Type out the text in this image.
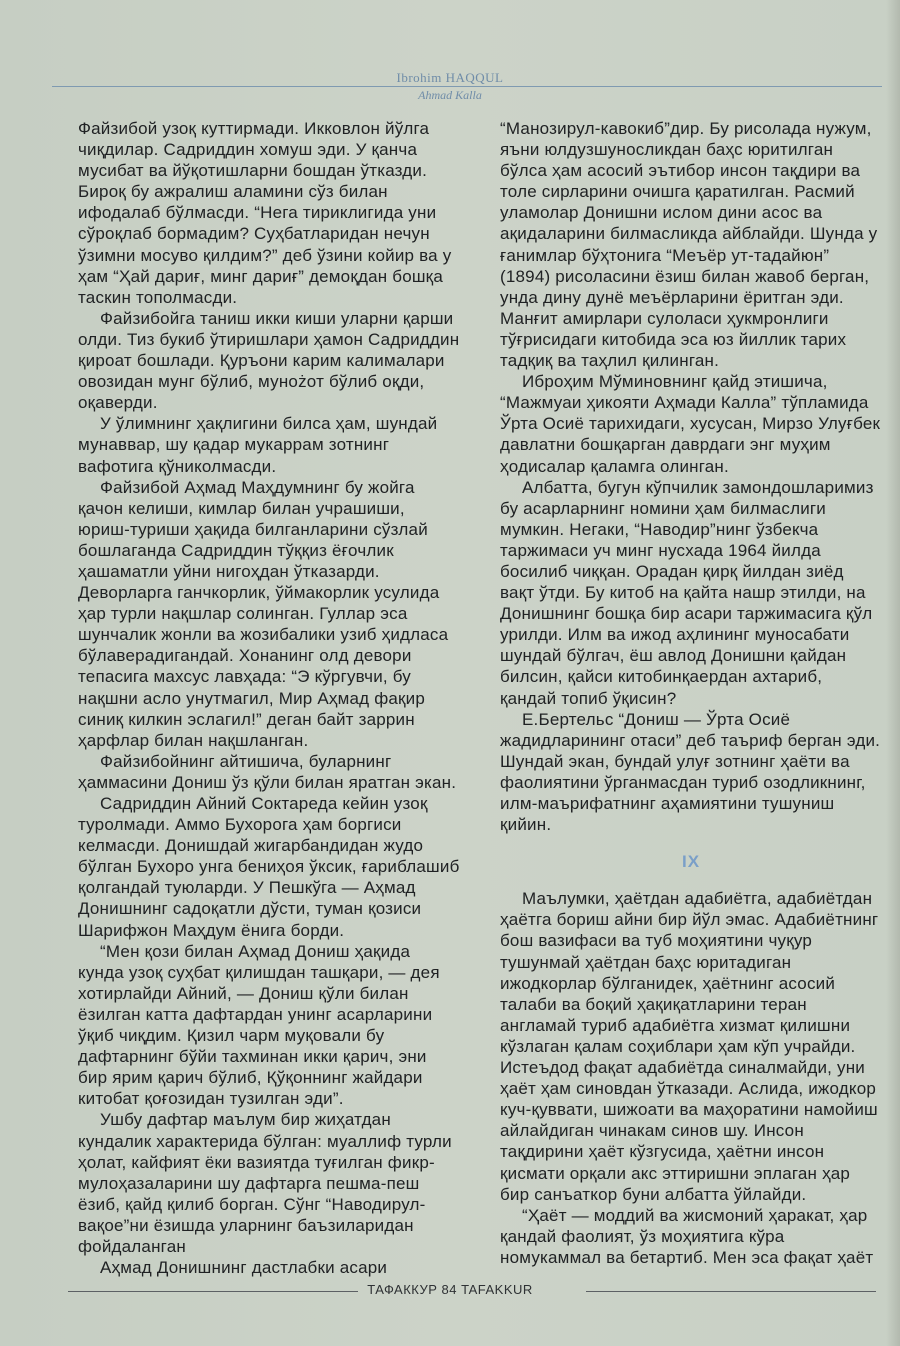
Ibrohim HAQQUL
Ahmad Kalla

Файзибой узоқ куттирмади. Икковлон йўлга чиқдилар. Садриддин хомуш эди. У қанча мусибат ва йўқотишларни бошдан ўтказди. Бироқ бу ажралиш аламини сўз билан ифодалаб бўлмасди. “Нега тириклигида уни сўроқлаб бормадим? Суҳбатларидан нечун ўзимни мосуво қилдим?” деб ўзини койир ва у ҳам “Ҳай дариғ, минг дариғ” демоқдан бошқа таскин тополмасди.

Файзибойга таниш икки киши уларни қарши олди. Тиз букиб ўтиришлари ҳамон Садриддин қироат бошлади. Қуръони карим калималари овозидан мунг бўлиб, мунożот бўлиб оқди, оқаверди.

У ўлимнинг ҳақлигини билса ҳам, шундай мунаввар, шу қадар мукаррам зотнинг вафотига қўниколмасди.

Файзибой Аҳмад Маҳдумнинг бу жойга қачон келиши, кимлар билан учрашиши, юриш-туриши ҳақида билганларини сўзлай бошлаганда Садриддин тўққиз ёғочлик ҳашаматли уйни нигоҳдан ўтказарди. Деворларга ганчкорлик, ўймакорлик усулида ҳар турли нақшлар солинган. Гуллар эса шунчалик жонли ва жозибалики узиб ҳидласа бўлаверадигандай. Хонанинг олд девори тепасига махсус лавҳада: “Э кўргувчи, бу нақшни асло унутмагил, Мир Аҳмад фақир синиқ килкин эслагил!” деган байт заррин ҳарфлар билан нақшланган.

Файзибойнинг айтишича, буларнинг ҳаммасини Дониш ўз қўли билан яратган экан.

Садриддин Айний Соктареда кейин узоқ туролмади. Аммо Бухорога ҳам боргиси келмасди. Донишдай жигарбандидан жудо бўлган Бухоро унга бениҳоя ўксик, ғариблашиб қолгандай туюларди. У Пешкўга — Аҳмад Донишнинг садоқатли дўсти, туман қозиси Шарифжон Маҳдум ёнига борди.

“Мен қози билан Аҳмад Дониш ҳақида кунда узоқ суҳбат қилишдан ташқари, — дея хотирлайди Айний, — Дониш қўли билан ёзилган катта дафтардан унинг асарларини ўқиб чиқдим. Қизил чарм муқовали бу дафтарнинг бўйи тахминан икки қарич, эни бир ярим қарич бўлиб, Қўқоннинг жайдари китобат қоғозидан тузилган эди”.

Ушбу дафтар маълум бир жиҳатдан кундалик характерида бўлган: муаллиф турли ҳолат, кайфият ёки вазиятда туғилган фикр-мулоҳазаларини шу дафтарга пешма-пеш ёзиб, қайд қилиб борган. Сўнг “Наводирул-вақое”ни ёзишда уларнинг баъзиларидан фойдаланган

Аҳмад Донишнинг дастлабки асари

“Манозирул-кавокиб”дир. Бу рисолада нужум, яъни юлдузшуносликдан баҳс юритилган бўлса ҳам асосий эътибор инсон тақдири ва толе сирларини очишга қаратилган. Расмий уламолар Донишни ислом дини асос ва ақидаларини билмасликда айблайди. Шунда у ғанимлар бўҳтонига “Меъёр ут-тадайюн” (1894) рисоласини ёзиш билан жавоб берган, унда дину дунё меъёрларини ёритган эди. Манғит амирлари сулоласи ҳукмронлиги тўғрисидаги китобида эса юз йиллик тарих тадқиқ ва таҳлил қилинган.

Иброҳим Мўминовнинг қайд этишича, “Мажмуаи ҳикояти Аҳмади Калла” тўпламида Ўрта Осиё тарихидаги, хусусан, Мирзо Улуғбек давлатни бошқарган даврдаги энг муҳим ҳодисалар қаламга олинган.

Албатта, бугун кўпчилик замондошларимиз бу асарларнинг номини ҳам билмаслиги мумкин. Негаки, “Наводир”нинг ўзбекча таржимаси уч минг нусхада 1964 йилда босилиб чиққан. Орадан қирқ йилдан зиёд вақт ўтди. Бу китоб на қайта нашр этилди, на Донишнинг бошқа бир асари таржимасига қўл урилди. Илм ва ижод аҳлининг муносабати шундай бўлгач, ёш авлод Донишни қайдан билсин, қайси китобинқаердан ахтариб, қандай топиб ўқисин?

Е.Бертельс “Дониш — Ўрта Осиё жадидларининг отаси” деб таъриф берган эди. Шундай экан, бундай улуғ зотнинг ҳаёти ва фаолиятини ўрганмасдан туриб озодликнинг, илм-маърифатнинг аҳамиятини тушуниш қийин.

IX

Маълумки, ҳаётдан адабиётга, адабиётдан ҳаётга бориш айни бир йўл эмас. Адабиётнинг бош вазифаси ва туб моҳиятини чуқур тушунмай ҳаётдан баҳс юритадиган ижодкорлар бўлганидек, ҳаётнинг асосий талаби ва боқий ҳақиқатларини теран англамай туриб адабиётга хизмат қилишни кўзлаган қалам соҳиблари ҳам кўп учрайди. Истеъдод фақат адабиётда синалмайди, уни ҳаёт ҳам синовдан ўтказади. Аслида, ижодкор куч-қуввати, шижоати ва маҳоратини намойиш айлайдиган чинакам синов шу. Инсон тақдирини ҳаёт кўзгусида, ҳаётни инсон қисмати орқали акс эттиришни эплаган ҳар бир санъаткор буни албатта ўйлайди.

“Ҳаёт — моддий ва жисмоний ҳаракат, ҳар қандай фаолият, ўз моҳиятига кўра номукаммал ва бетартиб. Мен эса фақат ҳаёт

ТАФАККУР 84 TAFAKKUR
